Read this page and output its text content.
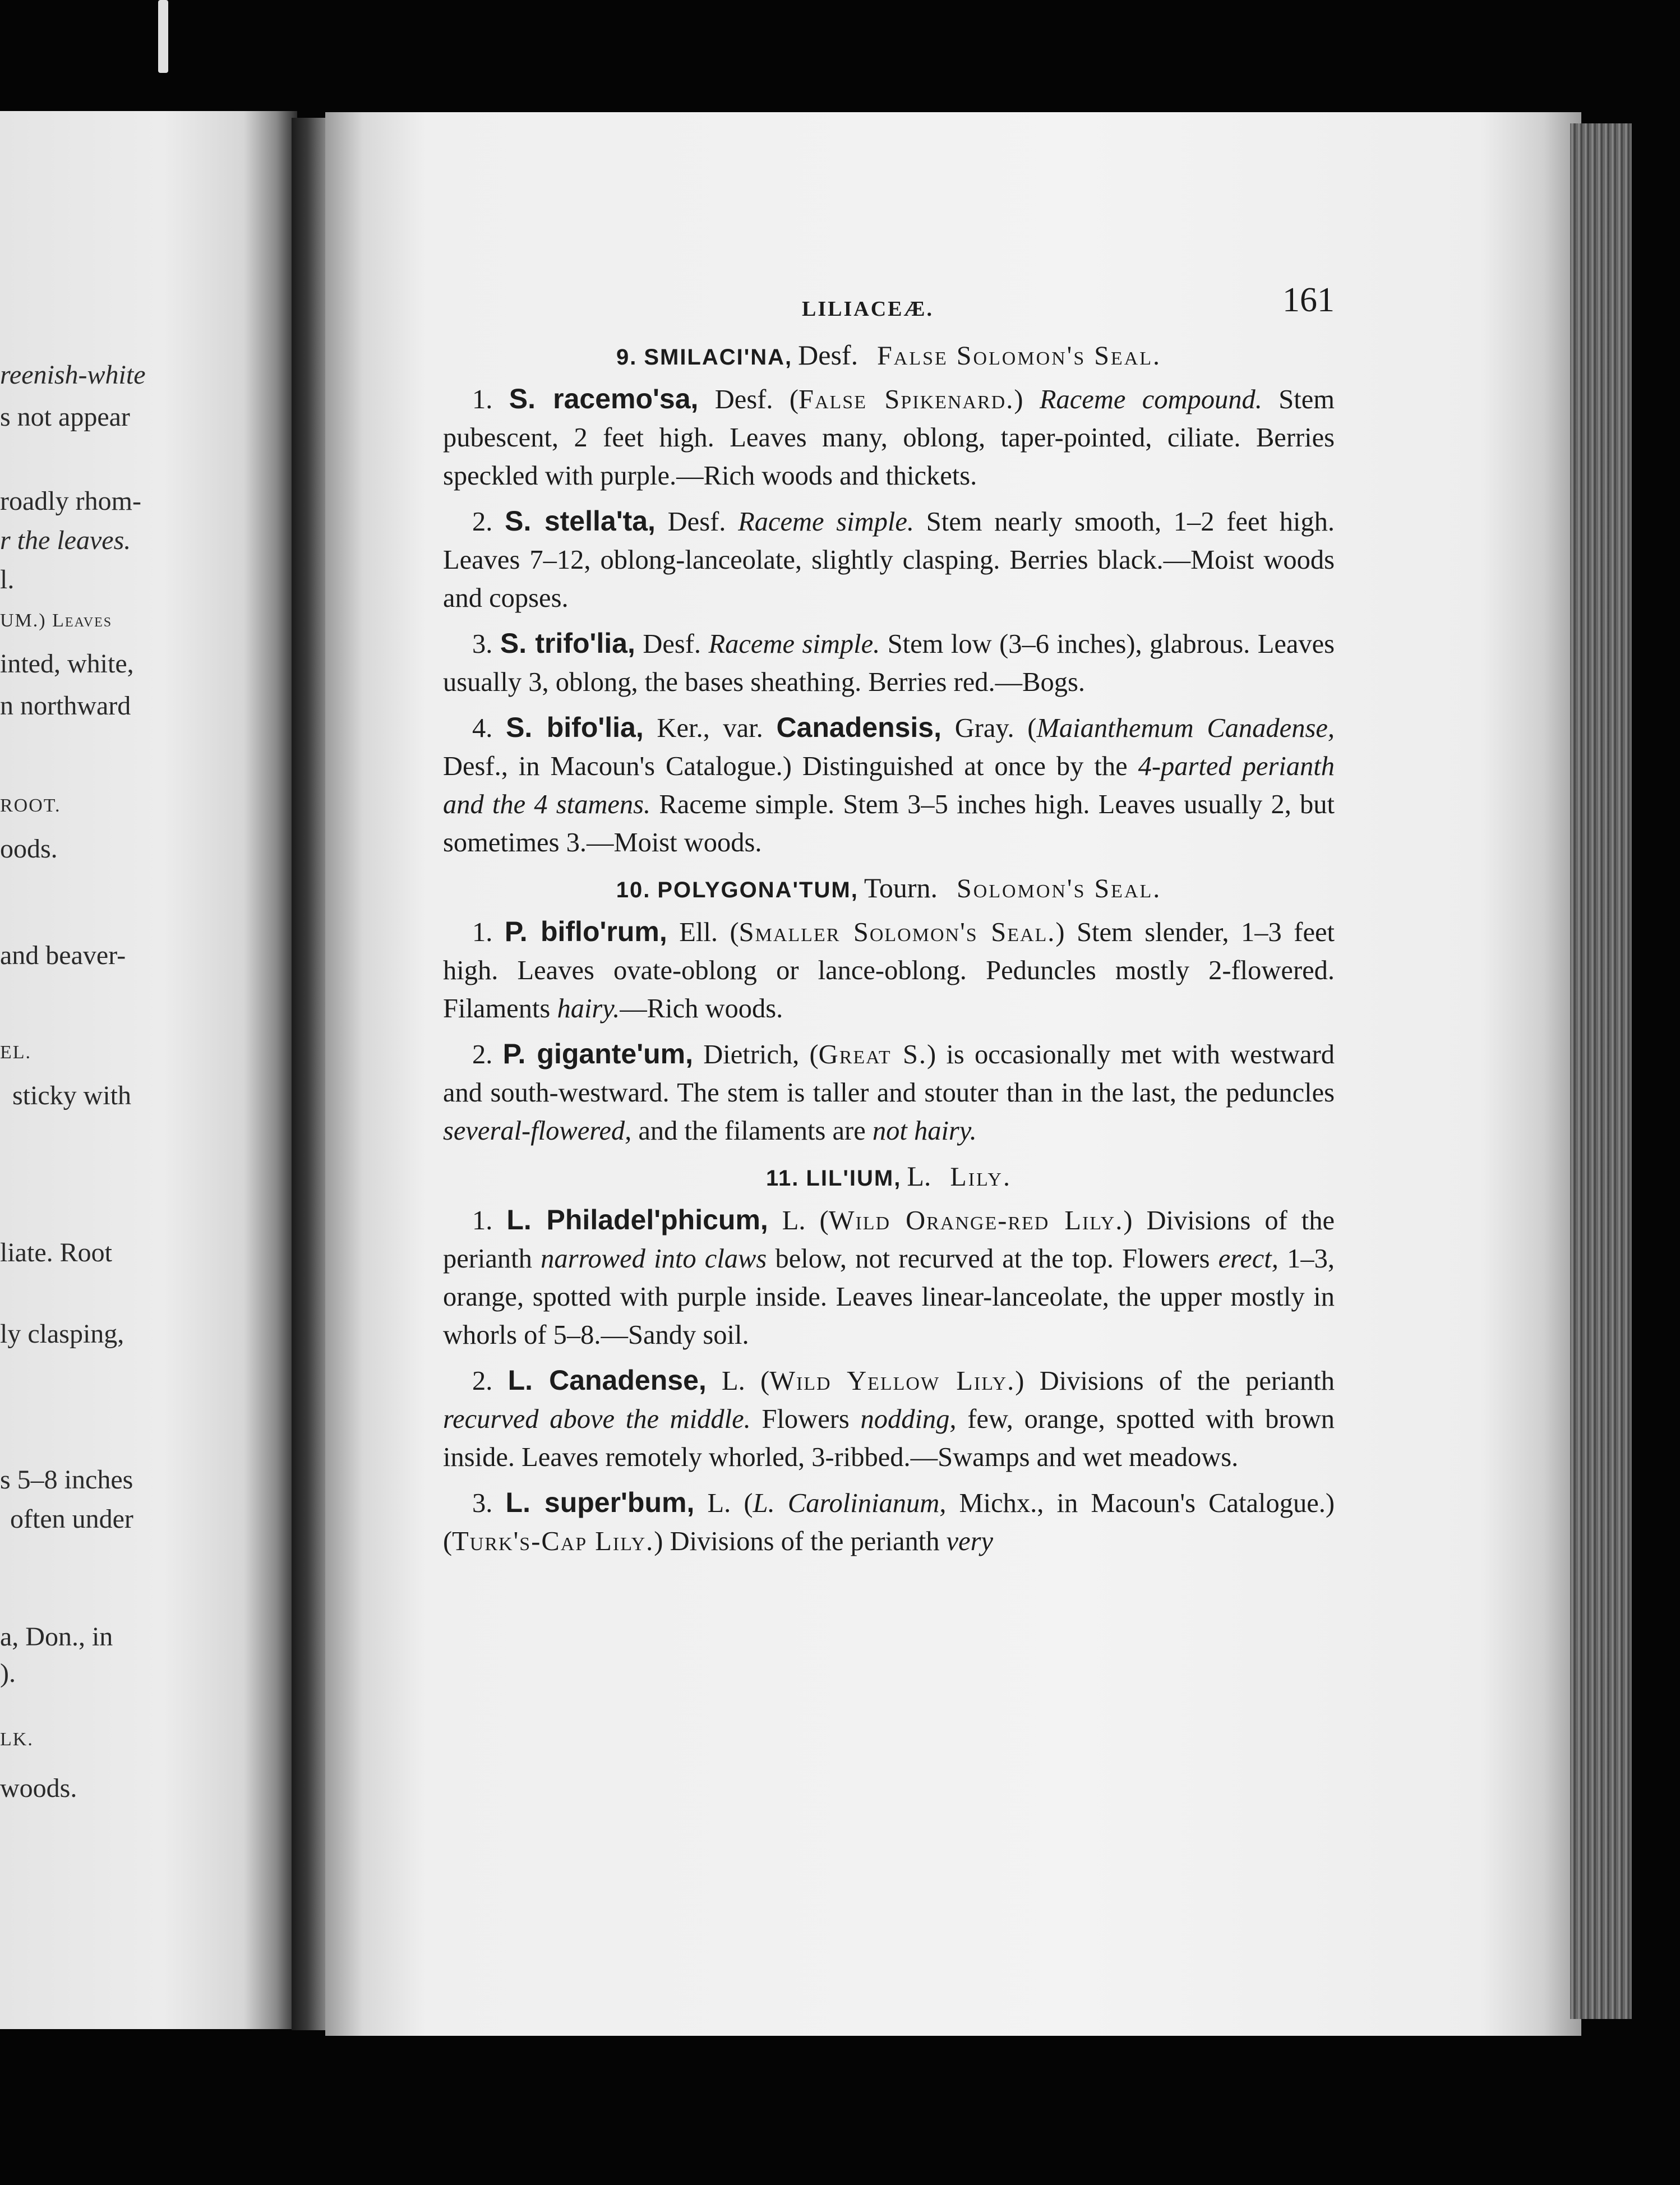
reenish-white
s not appear
roadly rhom-
r the leaves.
l.
UM.) Leaves
inted, white,
n northward
ROOT.
oods.
and beaver-
EL.
sticky with
liate. Root
ly clasping,
s 5–8 inches
often under
a, Don., in
).
LK.
woods.
LILIACEÆ.	161
9. SMILACI'NA, Desf. False Solomon's Seal.

1. S. racemo'sa, Desf. (False Spikenard.) Raceme compound. Stem pubescent, 2 feet high. Leaves many, oblong, taper-pointed, ciliate. Berries speckled with purple.—Rich woods and thickets.

2. S. stella'ta, Desf. Raceme simple. Stem nearly smooth, 1–2 feet high. Leaves 7–12, oblong-lanceolate, slightly clasping. Berries black.—Moist woods and copses.

3. S. trifo'lia, Desf. Raceme simple. Stem low (3–6 inches), glabrous. Leaves usually 3, oblong, the bases sheathing. Berries red.—Bogs.

4. S. bifo'lia, Ker., var. Canadensis, Gray. (Maianthemum Canadense, Desf., in Macoun's Catalogue.) Distinguished at once by the 4-parted perianth and the 4 stamens. Raceme simple. Stem 3–5 inches high. Leaves usually 2, but sometimes 3.—Moist woods.

10. POLYGONA'TUM, Tourn. Solomon's Seal.

1. P. biflo'rum, Ell. (Smaller Solomon's Seal.) Stem slender, 1–3 feet high. Leaves ovate-oblong or lance-oblong. Peduncles mostly 2-flowered. Filaments hairy.—Rich woods.

2. P. gigante'um, Dietrich, (Great S.) is occasionally met with westward and south-westward. The stem is taller and stouter than in the last, the peduncles several-flowered, and the filaments are not hairy.

11. LIL'IUM, L. Lily.

1. L. Philadel'phicum, L. (Wild Orange-red Lily.) Divisions of the perianth narrowed into claws below, not recurved at the top. Flowers erect, 1–3, orange, spotted with purple inside. Leaves linear-lanceolate, the upper mostly in whorls of 5–8.—Sandy soil.

2. L. Canadense, L. (Wild Yellow Lily.) Divisions of the perianth recurved above the middle. Flowers nodding, few, orange, spotted with brown inside. Leaves remotely whorled, 3-ribbed.—Swamps and wet meadows.

3. L. super'bum, L. (L. Carolinianum, Michx., in Macoun's Catalogue.) (Turk's-Cap Lily.) Divisions of the perianth very
